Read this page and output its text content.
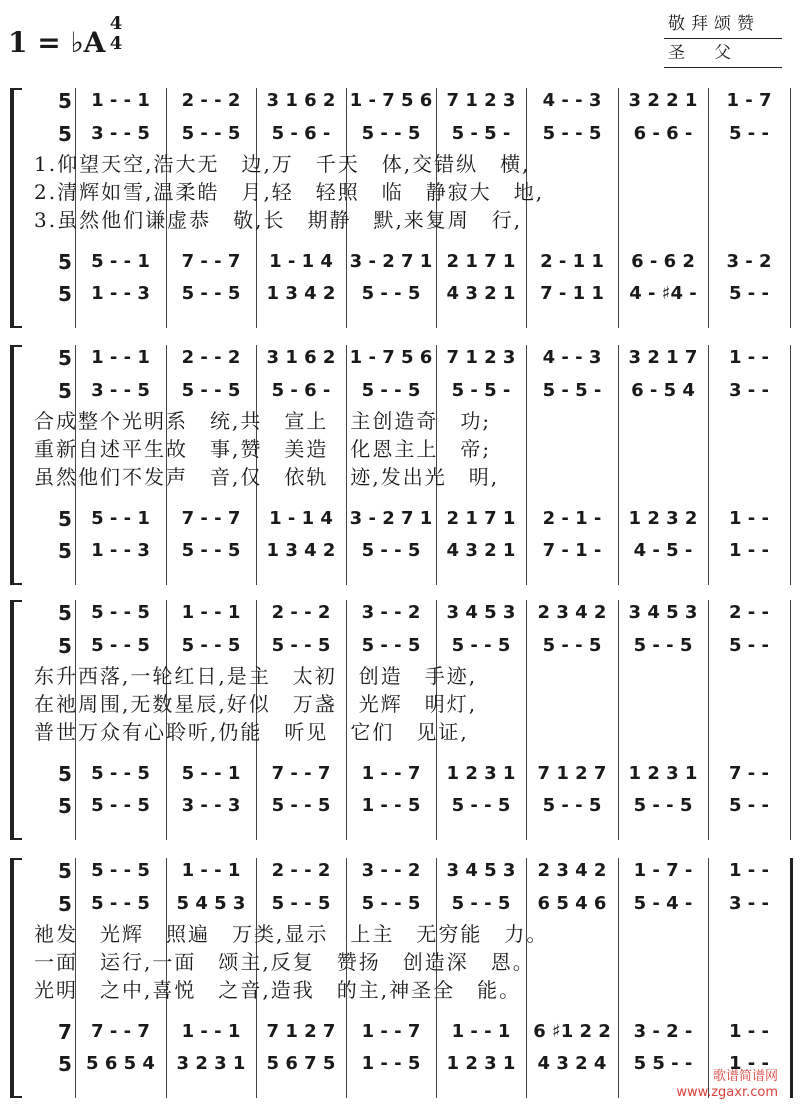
1 = ♭A
4
4
敬拜颂赞
圣　父
5 1 - - 1 2 - - 2 3 1 6 2 1 - 7 5 6 7 1 2 3 4 - - 3 3 2 2 1 1 - 7
5 3 - - 5 5 - - 5 5 - 6 - 5 - - 5 5 - 5 - 5 - - 5 6 - 6 - 5 - -
5 5 - - 1 7 - - 7 1 - 1 4 3 - 2 7 1 2 1 7 1 2 - 1 1 6 - 6 2 3 - 2
5 1 - - 3 5 - - 5 1 3 4 2 5 - - 5 4 3 2 1 7 - 1 1 4 - ♯4 - 5 - -
1.仰望天空,浩大无　边,万　千天　体,交错纵　横,
2.清辉如雪,温柔皓　月,轻　轻照　临　静寂大　地,
3.虽然他们谦虚恭　敬,长　期静　默,来复周　行,
5 1 - - 1 2 - - 2 3 1 6 2 1 - 7 5 6 7 1 2 3 4 - - 3 3 2 1 7 1 - -
5 3 - - 5 5 - - 5 5 - 6 - 5 - - 5 5 - 5 - 5 - 5 - 6 - 5 4 3 - -
5 5 - - 1 7 - - 7 1 - 1 4 3 - 2 7 1 2 1 7 1 2 - 1 - 1 2 3 2 1 - -
5 1 - - 3 5 - - 5 1 3 4 2 5 - - 5 4 3 2 1 7 - 1 - 4 - 5 - 1 - -
合成整个光明系　统,共　宣上　主创造奇　功;
重新自述平生故　事,赞　美造　化恩主上　帝;
虽然他们不发声　音,仅　依轨　迹,发出光　明,
5 5 - - 5 1 - - 1 2 - - 2 3 - - 2 3 4 5 3 2 3 4 2 3 4 5 3 2 - -
5 5 - - 5 5 - - 5 5 - - 5 5 - - 5 5 - - 5 5 - - 5 5 - - 5 5 - -
5 5 - - 5 5 - - 1 7 - - 7 1 - - 7 1 2 3 1 7 1 2 7 1 2 3 1 7 - -
5 5 - - 5 3 - - 3 5 - - 5 1 - - 5 5 - - 5 5 - - 5 5 - - 5 5 - -
东升西落,一轮红日,是主　太初　创造　手迹,
在祂周围,无数星辰,好似　万盏　光辉　明灯,
普世万众有心聆听,仍能　听见　它们　见证,
5 5 - - 5 1 - - 1 2 - - 2 3 - - 2 3 4 5 3 2 3 4 2 1 - 7 - 1 - -
5 5 - - 5 5 4 5 3 5 - - 5 5 - - 5 5 - - 5 6 5 4 6 5 - 4 - 3 - -
7 7 - - 7 1 - - 1 7 1 2 7 1 - - 7 1 - - 1 6 ♯1 2 2 3 - 2 - 1 - -
5 5 6 5 4 3 2 3 1 5 6 7 5 1 - - 5 1 2 3 1 4 3 2 4 5 5 - - 1 - -
祂发　光辉　照遍　万类,显示　上主　无穷能　力。
一面　运行,一面　颂主,反复　赞扬　创造深　恩。
光明　之中,喜悦　之音,造我　的主,神圣全　能。
歌谱简谱网
www.zgaxr.com
